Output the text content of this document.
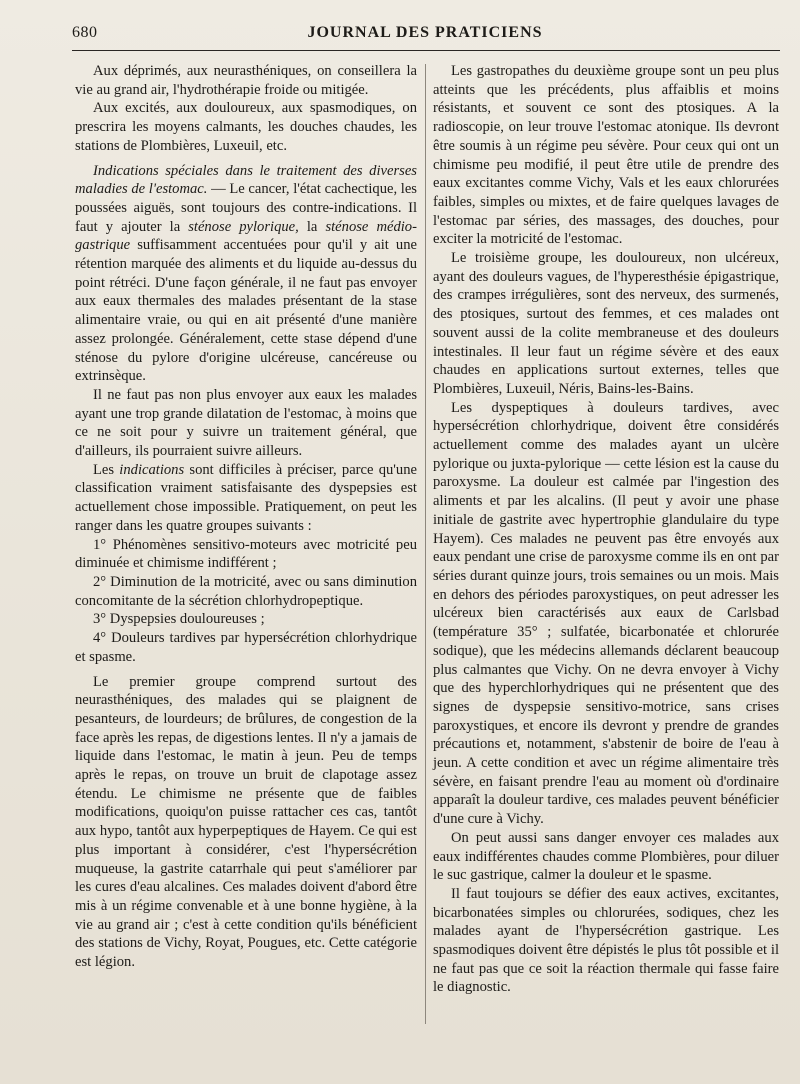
680	JOURNAL DES PRATICIENS

Aux déprimés, aux neurasthéniques, on conseillera la vie au grand air, l'hydrothérapie froide ou mitigée.

Aux excités, aux douloureux, aux spasmodiques, on prescrira les moyens calmants, les douches chaudes, les stations de Plombières, Luxeuil, etc.

Indications spéciales dans le traitement des diverses maladies de l'estomac. — Le cancer, l'état cachectique, les poussées aiguës, sont toujours des contre-indications. Il faut y ajouter la sténose pylorique, la sténose médio-gastrique suffisamment accentuées pour qu'il y ait une rétention marquée des aliments et du liquide au-dessus du point rétréci. D'une façon générale, il ne faut pas envoyer aux eaux thermales des malades présentant de la stase alimentaire vraie, ou qui en ait présenté d'une manière assez prolongée. Généralement, cette stase dépend d'une sténose du pylore d'origine ulcéreuse, cancéreuse ou extrinsèque.

Il ne faut pas non plus envoyer aux eaux les malades ayant une trop grande dilatation de l'estomac, à moins que ce ne soit pour y suivre un traitement général, que d'ailleurs, ils pourraient suivre ailleurs.

Les indications sont difficiles à préciser, parce qu'une classification vraiment satisfaisante des dyspepsies est actuellement chose impossible. Pratiquement, on peut les ranger dans les quatre groupes suivants :

1° Phénomènes sensitivo-moteurs avec motricité peu diminuée et chimisme indifférent ;

2° Diminution de la motricité, avec ou sans diminution concomitante de la sécrétion chlorhydropeptique.

3° Dyspepsies douloureuses ;

4° Douleurs tardives par hypersécrétion chlorhydrique et spasme.

Le premier groupe comprend surtout des neurasthéniques, des malades qui se plaignent de pesanteurs, de lourdeurs; de brûlures, de congestion de la face après les repas, de digestions lentes. Il n'y a jamais de liquide dans l'estomac, le matin à jeun. Peu de temps après le repas, on trouve un bruit de clapotage assez étendu. Le chimisme ne présente que de faibles modifications, quoiqu'on puisse rattacher ces cas, tantôt aux hypo, tantôt aux hyperpeptiques de Hayem. Ce qui est plus important à considérer, c'est l'hypersécrétion muqueuse, la gastrite catarrhale qui peut s'améliorer par les cures d'eau alcalines. Ces malades doivent d'abord être mis à un régime convenable et à une bonne hygiène, à la vie au grand air ; c'est à cette condition qu'ils bénéficient des stations de Vichy, Royat, Pougues, etc. Cette catégorie est légion.

Les gastropathes du deuxième groupe sont un peu plus atteints que les précédents, plus affaiblis et moins résistants, et souvent ce sont des ptosiques. A la radioscopie, on leur trouve l'estomac atonique. Ils devront être soumis à un régime peu sévère. Pour ceux qui ont un chimisme peu modifié, il peut être utile de prendre des eaux excitantes comme Vichy, Vals et les eaux chlorurées faibles, simples ou mixtes, et de faire quelques lavages de l'estomac par séries, des massages, des douches, pour exciter la motricité de l'estomac.

Le troisième groupe, les douloureux, non ulcéreux, ayant des douleurs vagues, de l'hyperesthésie épigastrique, des crampes irrégulières, sont des nerveux, des surmenés, des ptosiques, surtout des femmes, et ces malades ont souvent aussi de la colite membraneuse et des douleurs intestinales. Il leur faut un régime sévère et des eaux chaudes en applications surtout externes, telles que Plombières, Luxeuil, Néris, Bains-les-Bains.

Les dyspeptiques à douleurs tardives, avec hypersécrétion chlorhydrique, doivent être considérés actuellement comme des malades ayant un ulcère pylorique ou juxta-pylorique — cette lésion est la cause du paroxysme. La douleur est calmée par l'ingestion des aliments et par les alcalins. (Il peut y avoir une phase initiale de gastrite avec hypertrophie glandulaire du type Hayem). Ces malades ne peuvent pas être envoyés aux eaux pendant une crise de paroxysme comme ils en ont par séries durant quinze jours, trois semaines ou un mois. Mais en dehors des périodes paroxystiques, on peut adresser les ulcéreux bien caractérisés aux eaux de Carlsbad (température 35° ; sulfatée, bicarbonatée et chlorurée sodique), que les médecins allemands déclarent beaucoup plus calmantes que Vichy. On ne devra envoyer à Vichy que des hyperchlorhydriques qui ne présentent que des signes de dyspepsie sensitivo-motrice, sans crises paroxystiques, et encore ils devront y prendre de grandes précautions et, notamment, s'abstenir de boire de l'eau à jeun. A cette condition et avec un régime alimentaire très sévère, en faisant prendre l'eau au moment où d'ordinaire apparaît la douleur tardive, ces malades peuvent bénéficier d'une cure à Vichy.

On peut aussi sans danger envoyer ces malades aux eaux indifférentes chaudes comme Plombières, pour diluer le suc gastrique, calmer la douleur et le spasme.

Il faut toujours se défier des eaux actives, excitantes, bicarbonatées simples ou chlorurées, sodiques, chez les malades ayant de l'hypersécrétion gastrique. Les spasmodiques doivent être dépistés le plus tôt possible et il ne faut pas que ce soit la réaction thermale qui fasse faire le diagnostic.
